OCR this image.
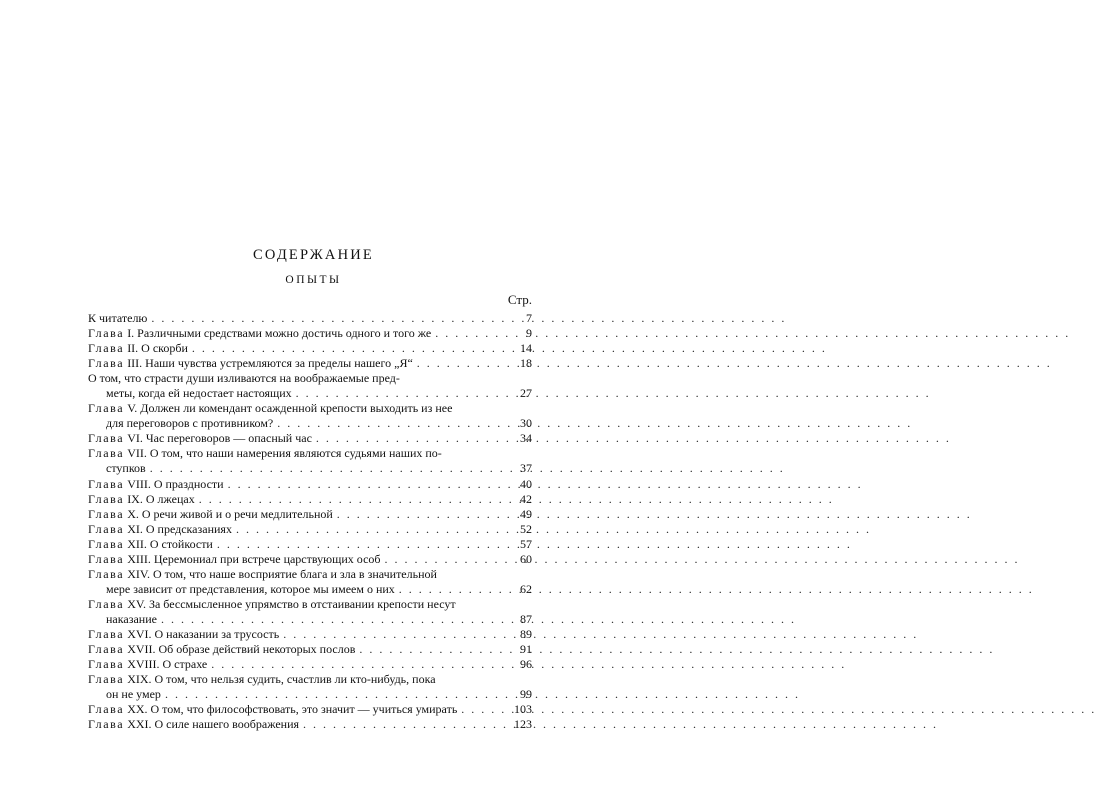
СОДЕРЖАНИЕ
ОПЫТЫ
Стр.
К читателю . . .	7
Глава I. Различными средствами можно достичь одного и того же . . .	9
Глава II. О скорби . . .	14
Глава III. Наши чувства устремляются за пределы нашего „Я“ . . .	18
О том, что страсти души изливаются на воображаемые пред-
меты, когда ей недостает настоящих . . .	27
Глава V. Должен ли комендант осажденной крепости выходить из нее
для переговоров с противником? . . .	30
Глава VI. Час переговоров — опасный час . . .	34
Глава VII. О том, что наши намерения являются судьями наших по-
ступков . . .	37
Глава VIII. О праздности . . .	40
Глава IX. О лжецах . . .	42
Глава X. О речи живой и о речи медлительной . . .	49
Глава XI. О предсказаниях . . .	52
Глава XII. О стойкости . . .	57
Глава XIII. Церемониал при встрече царствующих особ . . .	60
Глава XIV. О том, что наше восприятие блага и зла в значительной
мере зависит от представления, которое мы имеем о них . . .	62
Глава XV. За бессмысленное упрямство в отстаивании крепости несут
наказание . . .	87
Глава XVI. О наказании за трусость . . .	89
Глава XVII. Об образе действий некоторых послов . . .	91
Глава XVIII. О страхе . . .	96
Глава XIX. О том, что нельзя судить, счастлив ли кто-нибудь, пока
он не умер . . .	99
Глава XX. О том, что философствовать, это значит — учиться умирать . . .	103
Глава XXI. О силе нашего воображения . . .	123
